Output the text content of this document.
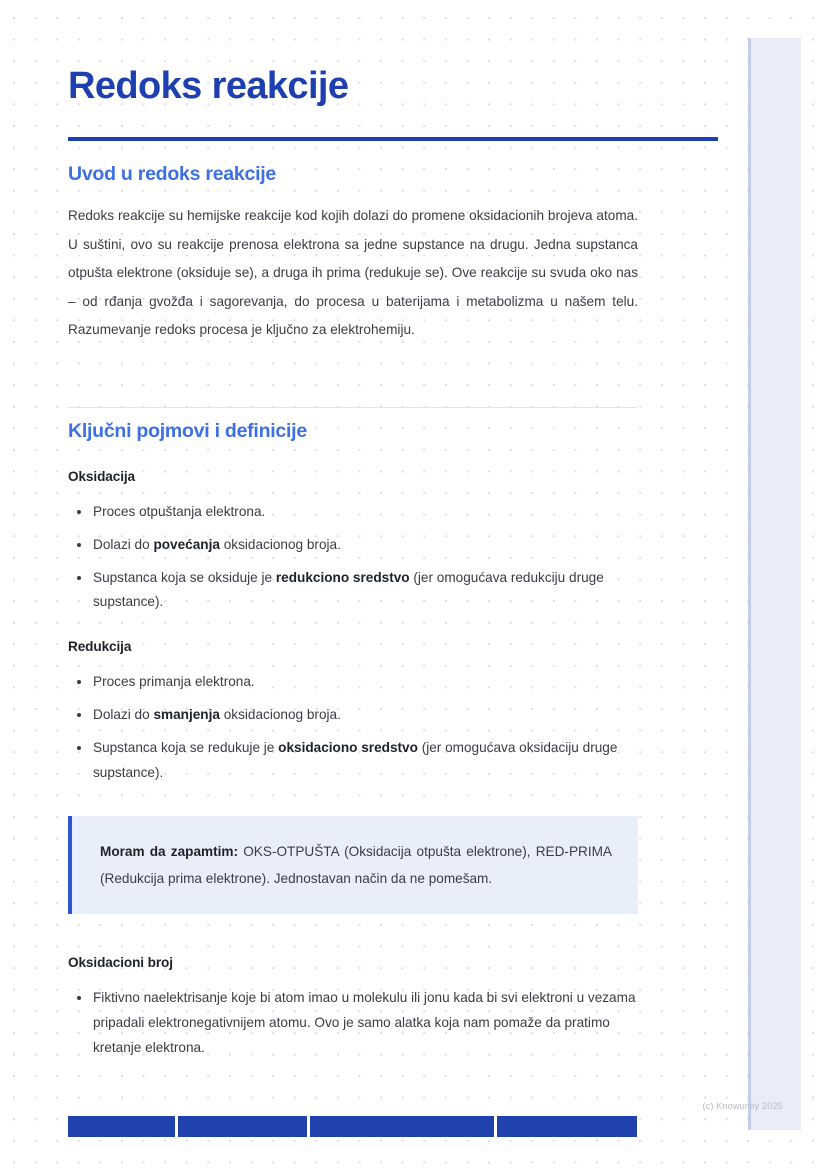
Redoks reakcije
Uvod u redoks reakcije

Redoks reakcije su hemijske reakcije kod kojih dolazi do promene oksidacionih brojeva atoma. U suštini, ovo su reakcije prenosa elektrona sa jedne supstance na drugu. Jedna supstanca otpušta elektrone (oksiduje se), a druga ih prima (redukuje se). Ove reakcije su svuda oko nas – od rđanja gvožđa i sagorevanja, do procesa u baterijama i metabolizma u našem telu. Razumevanje redoks procesa je ključno za elektrohemiju.

Ključni pojmovi i definicije
Oksidacija
Proces otpuštanja elektrona.
Dolazi do povećanja oksidacionog broja.
Supstanca koja se oksiduje je redukciono sredstvo (jer omogućava redukciju druge supstance).
Redukcija
Proces primanja elektrona.
Dolazi do smanjenja oksidacionog broja.
Supstanca koja se redukuje je oksidaciono sredstvo (jer omogućava oksidaciju druge supstance).

Moram da zapamtim: OKS-OTPUŠTA (Oksidacija otpušta elektrone), RED-PRIMA (Redukcija prima elektrone). Jednostavan način da ne pomešam.

Oksidacioni broj
Fiktivno naelektrisanje koje bi atom imao u molekulu ili jonu kada bi svi elektroni u vezama pripadali elektronegativnijem atomu. Ovo je samo alatka koja nam pomaže da pratimo kretanje elektrona.
(c) Knowunity 2025
